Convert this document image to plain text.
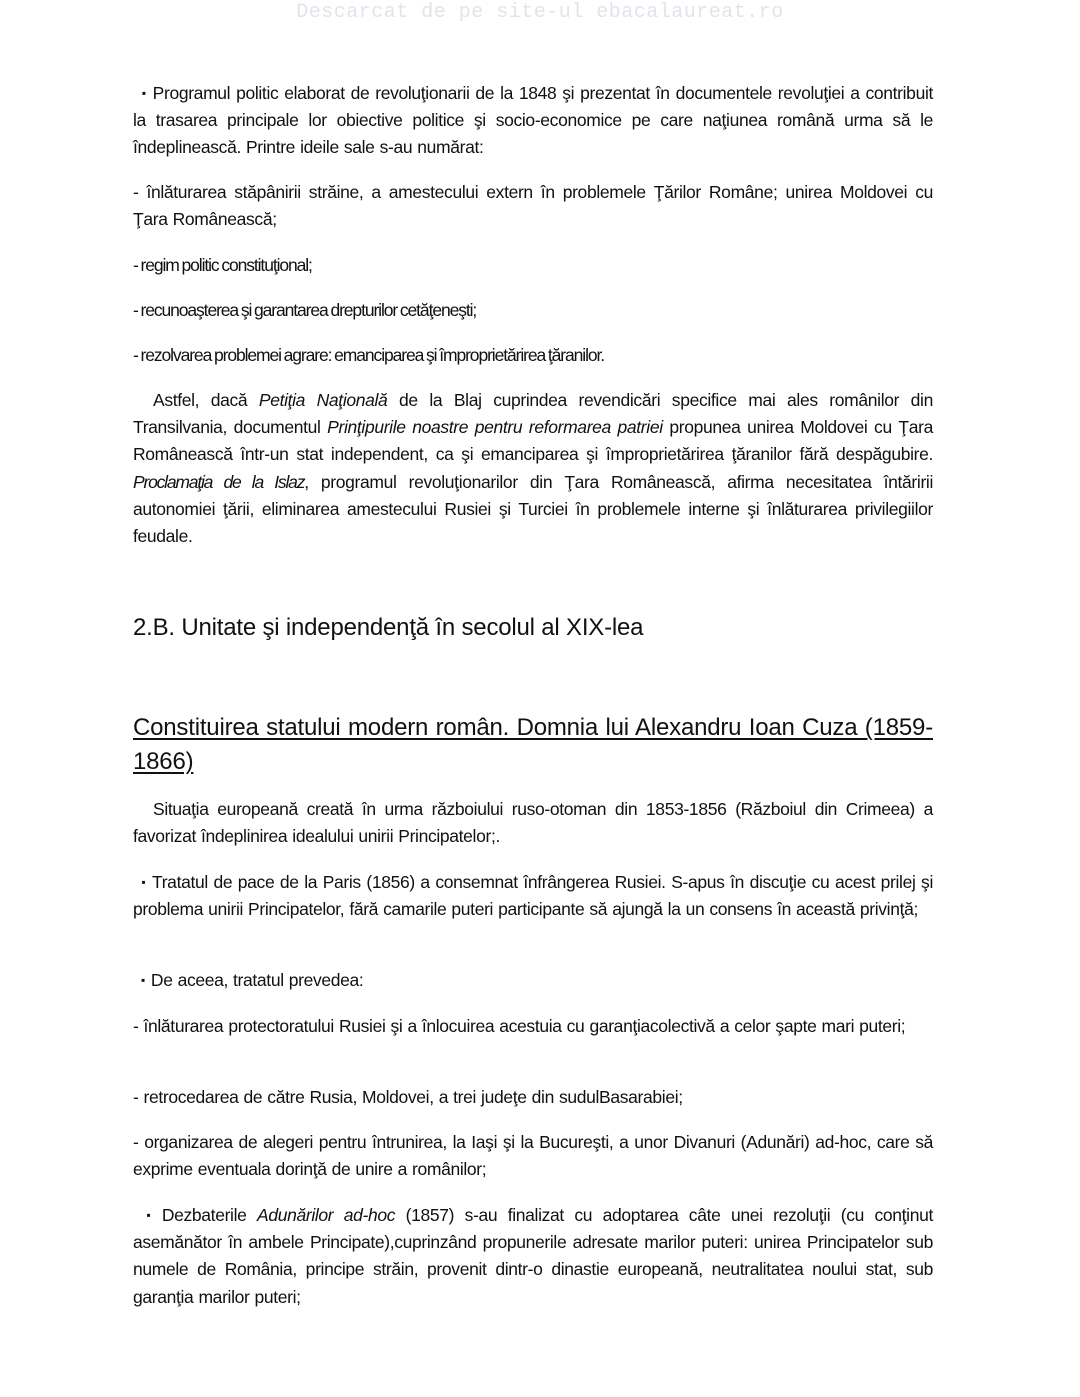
Descarcat de pe site-ul ebacalaureat.ro
▪ Programul politic elaborat de revoluţionarii de la 1848 şi prezentat în documentele revoluţiei a contribuit la trasarea principale lor obiective politice şi socio-economice pe care naţiunea română urma să le îndeplinească. Printre ideile sale s-au numărat:
- înlăturarea stăpânirii străine, a amestecului extern în problemele Ţărilor Române; unirea Moldovei cu Ţara Românească;
- regim politic constituţional;
- recunoaşterea şi garantarea drepturilor cetăţeneşti;
- rezolvarea problemei agrare: emanciparea şi împroprietărirea ţăranilor.
Astfel, dacă Petiţia Naţională de la Blaj cuprindea revendicări specifice mai ales românilor din Transilvania, documentul Prinţipurile noastre pentru reformarea patriei propunea unirea Moldovei cu Ţara Românească într-un stat independent, ca şi emanciparea şi împroprietărirea ţăranilor fără despăgubire. Proclamaţia de la Islaz, programul revoluţionarilor din Ţara Românească, afirma necesitatea întăririi autonomiei ţării, eliminarea amestecului Rusiei şi Turciei în problemele interne şi înlăturarea privilegiilor feudale.
2.B. Unitate şi independenţă în secolul al XIX-lea
Constituirea statului modern român. Domnia lui Alexandru Ioan Cuza (1859-1866)
Situaţia europeană creată în urma războiului ruso-otoman din 1853-1856 (Războiul din Crimeea) a favorizat îndeplinirea idealului unirii Principatelor;.
▪ Tratatul de pace de la Paris (1856) a consemnat înfrângerea Rusiei. S-apus în discuţie cu acest prilej şi problema unirii Principatelor, fără camarile puteri participante să ajungă la un consens în această privinţă;
▪ De aceea, tratatul prevedea:
- înlăturarea protectoratului Rusiei şi a înlocuirea acestuia cu garanţiacolectivă a celor şapte mari puteri;
- retrocedarea de către Rusia, Moldovei, a trei judeţe din sudulBasarabiei;
- organizarea de alegeri pentru întrunirea, la Iaşi şi la Bucureşti, a unor Divanuri (Adunări) ad-hoc, care să exprime eventuala dorinţă de unire a românilor;
▪ Dezbaterile Adunărilor ad-hoc (1857) s-au finalizat cu adoptarea câte unei rezoluţii (cu conţinut asemănător în ambele Principate),cuprinzând propunerile adresate marilor puteri: unirea Principatelor sub numele de România, principe străin, provenit dintr-o dinastie europeană, neutralitatea noului stat, sub garanţia marilor puteri;
